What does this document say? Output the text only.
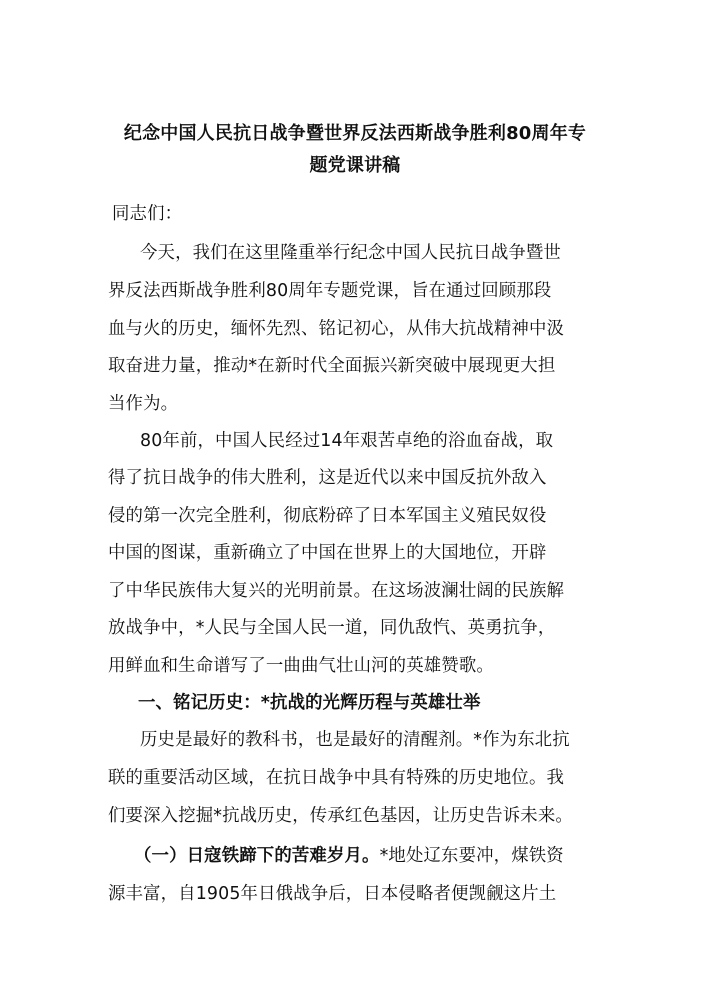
纪念中国人民抗日战争暨世界反法西斯战争胜利80周年专
题党课讲稿
同志们：
今天，我们在这里隆重举行纪念中国人民抗日战争暨世
界反法西斯战争胜利80周年专题党课，旨在通过回顾那段
血与火的历史，缅怀先烈、铭记初心，从伟大抗战精神中汲
取奋进力量，推动*在新时代全面振兴新突破中展现更大担
当作为。
80年前，中国人民经过14年艰苦卓绝的浴血奋战，取
得了抗日战争的伟大胜利，这是近代以来中国反抗外敌入
侵的第一次完全胜利，彻底粉碎了日本军国主义殖民奴役
中国的图谋，重新确立了中国在世界上的大国地位，开辟
了中华民族伟大复兴的光明前景。在这场波澜壮阔的民族解
放战争中，*人民与全国人民一道，同仇敌忾、英勇抗争，
用鲜血和生命谱写了一曲曲气壮山河的英雄赞歌。
一、铭记历史：*抗战的光辉历程与英雄壮举
历史是最好的教科书，也是最好的清醒剂。*作为东北抗
联的重要活动区域，在抗日战争中具有特殊的历史地位。我
们要深入挖掘*抗战历史，传承红色基因，让历史告诉未来。
（一）日寇铁蹄下的苦难岁月。*地处辽东要冲，煤铁资
源丰富，自1905年日俄战争后，日本侵略者便觊觎这片土
